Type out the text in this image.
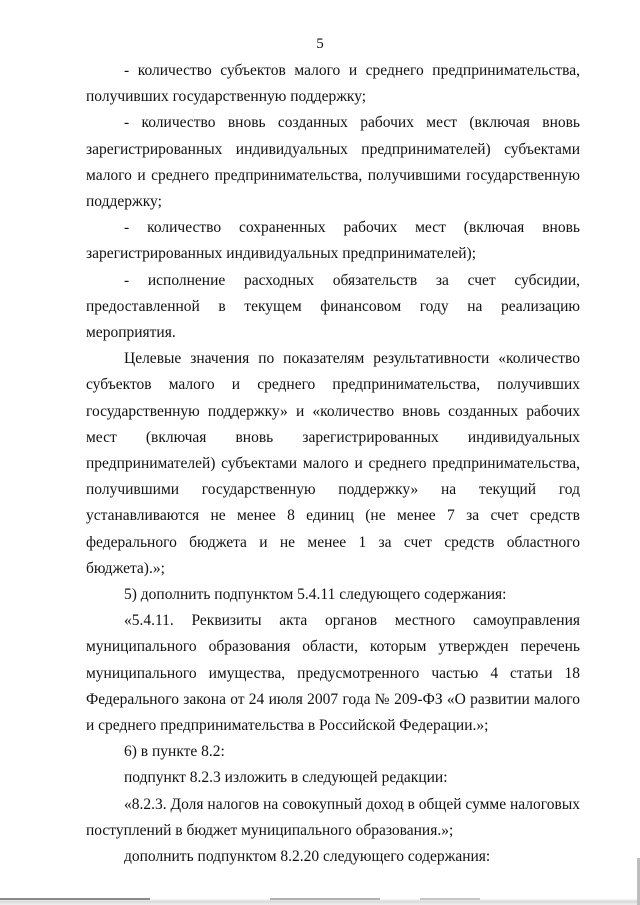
5

- количество субъектов малого и среднего предпринимательства, получивших государственную поддержку;

- количество вновь созданных рабочих мест (включая вновь зарегистрированных индивидуальных предпринимателей) субъектами малого и среднего предпринимательства, получившими государственную поддержку;

- количество сохраненных рабочих мест (включая вновь зарегистрированных индивидуальных предпринимателей);

- исполнение расходных обязательств за счет субсидии, предоставленной в текущем финансовом году на реализацию мероприятия.

Целевые значения по показателям результативности «количество субъектов малого и среднего предпринимательства, получивших государственную поддержку» и «количество вновь созданных рабочих мест (включая вновь зарегистрированных индивидуальных предпринимателей) субъектами малого и среднего предпринимательства, получившими государственную поддержку» на текущий год устанавливаются не менее 8 единиц (не менее 7 за счет средств федерального бюджета и не менее 1 за счет средств областного бюджета).»;

5) дополнить подпунктом 5.4.11 следующего содержания:

«5.4.11. Реквизиты акта органов местного самоуправления муниципального образования области, которым утвержден перечень муниципального имущества, предусмотренного частью 4 статьи 18 Федерального закона от 24 июля 2007 года № 209-ФЗ «О развитии малого и среднего предпринимательства в Российской Федерации.»;

6) в пункте 8.2:

подпункт 8.2.3 изложить в следующей редакции:

«8.2.3. Доля налогов на совокупный доход в общей сумме налоговых поступлений в бюджет муниципального образования.»;

дополнить подпунктом 8.2.20 следующего содержания:
